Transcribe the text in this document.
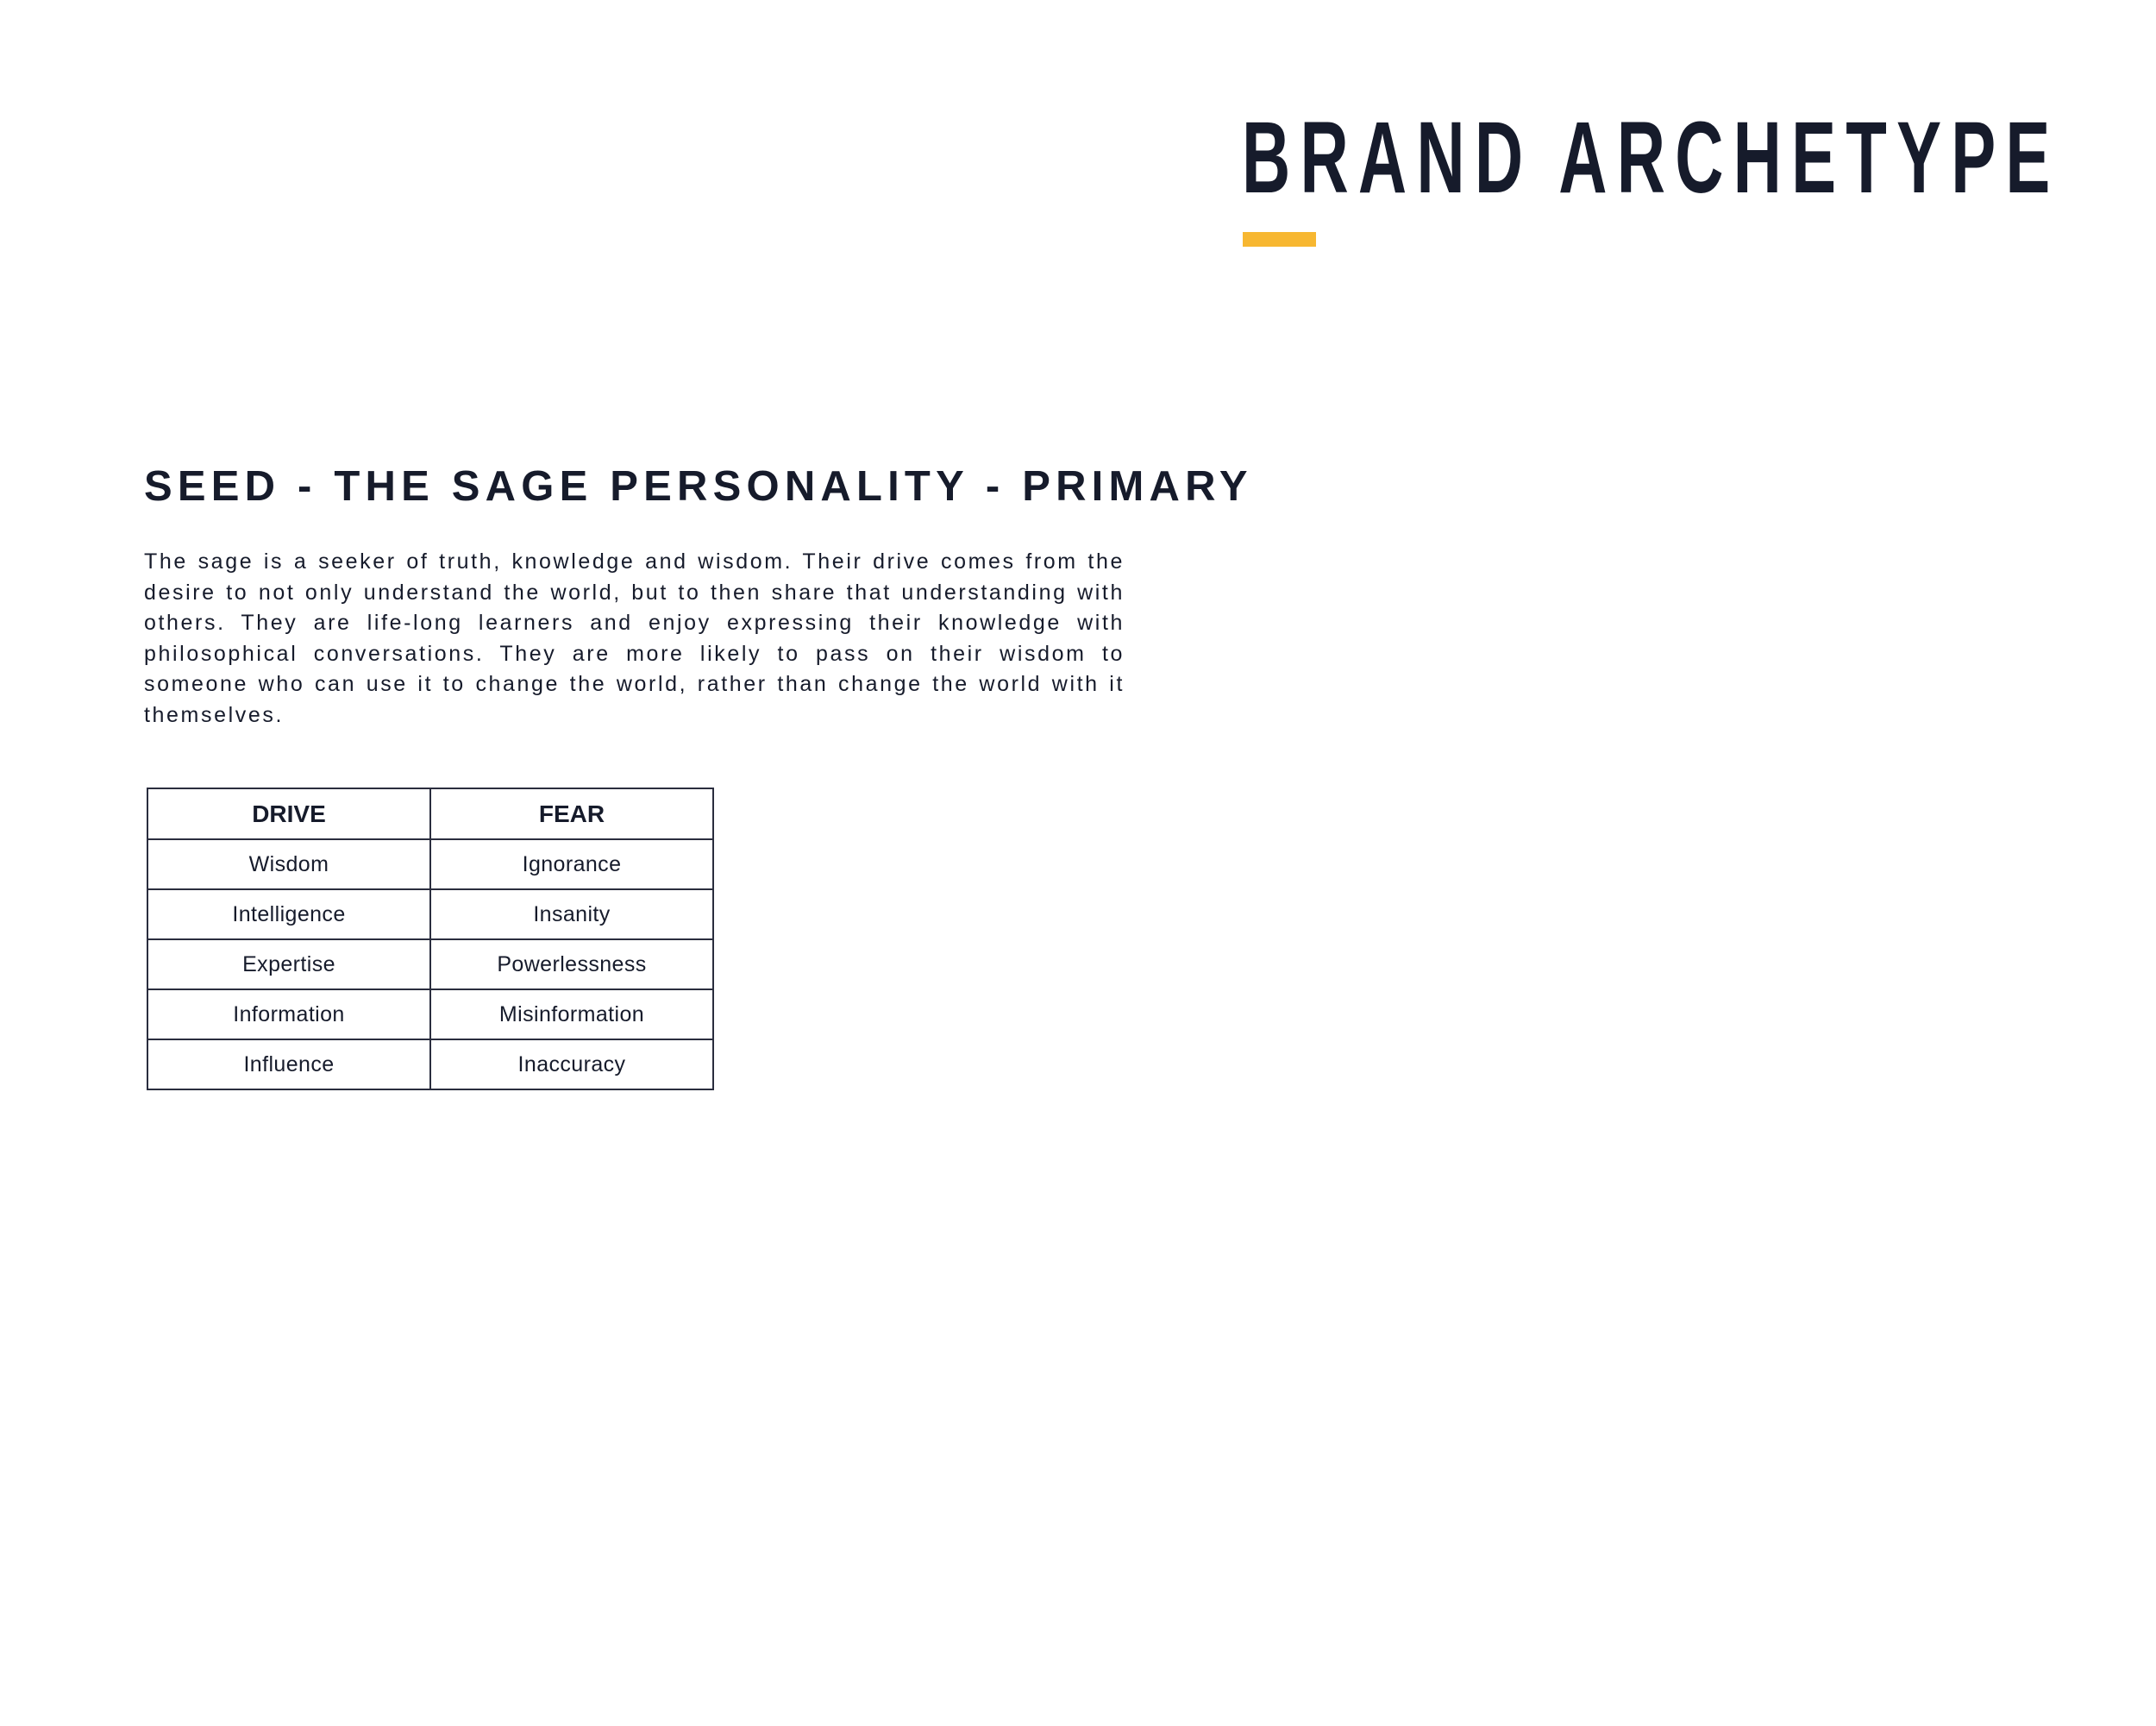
BRAND ARCHETYPE
SEED - THE SAGE PERSONALITY - PRIMARY

The sage is a seeker of truth, knowledge and wisdom. Their drive comes from the desire to not only understand the world, but to then share that understanding with others. They are life-long learners and enjoy expressing their knowledge with philosophical conversations. They are more likely to pass on their wisdom to someone who can use it to change the world, rather than change the world with it themselves.

DRIVE	FEAR
Wisdom	Ignorance
Intelligence	Insanity
Expertise	Powerlessness
Information	Misinformation
Influence	Inaccuracy
